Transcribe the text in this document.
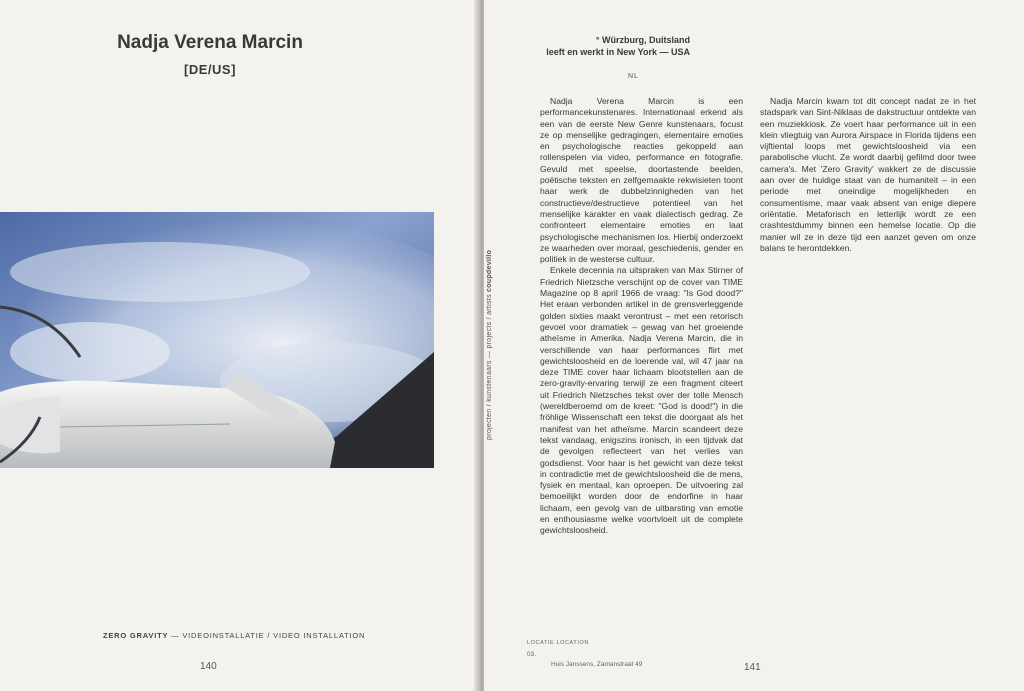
Nadja Verena Marcin
[DE/US]
ZERO GRAVITY — VIDEOINSTALLATIE / VIDEO INSTALLATION
140
projecten / kunstenaars — projects / artists coupdevillo
° Würzburg, Duitsland
leeft en werkt in New York — USA
NL

Nadja Verena Marcin is een performancekunstenares. Internationaal erkend als een van de eerste New Genre kunstenaars, focust ze op menselijke gedragingen, elementaire emoties en psychologische reacties gekoppeld aan rollenspelen via video, performance en fotografie. Gevuld met speelse, doortastende beelden, poëtische teksten en zelfgemaakte rekwisieten toont haar werk de dubbelzinnigheden van het constructieve/destructieve potentieel van het menselijke karakter en vaak dialectisch gedrag. Ze confronteert elementaire emoties en laat psychologische mechanismen los. Hierbij onderzoekt ze waarheden over moraal, geschiedenis, gender en politiek in de westerse cultuur.

Enkele decennia na uitspraken van Max Stirner of Friedrich Nietzsche verschijnt op de cover van TIME Magazine op 8 april 1966 de vraag: "Is God dood?" Het eraan verbonden artikel in de grensverleggende golden sixties maakt verontrust – met een retorisch gevoel voor dramatiek – gewag van het groeiende atheïsme in Amerika. Nadja Verena Marcin, die in verschillende van haar performances flirt met gewichtsloosheid en de loerende val, wil 47 jaar na deze TIME cover haar lichaam blootstellen aan de zero-gravity-ervaring terwijl ze een fragment citeert uit Friedrich Nietzsches tekst over der tolle Mensch (wereldberoemd om de kreet: "God is dood!") in die fröhlige Wissenschaft een tekst die doorgaat als het manifest van het atheïsme. Marcin scandeert deze tekst vandaag, enigszins ironisch, in een tijdvak dat de gevolgen reflecteert van het verlies van godsdienst. Voor haar is het gewicht van deze tekst in contradictie met de gewichtsloosheid die de mens, fysiek en mentaal, kan oproepen. De uitvoering zal bemoeilijkt worden door de endorfine in haar lichaam, een gevolg van de uitbarsting van emotie en enthousiasme welke voortvloeit uit de complete gewichtsloosheid.

Nadja Marcin kwam tot dit concept nadat ze in het stadspark van Sint-Niklaas de dakstructuur ontdekte van een muziekkiosk. Ze voert haar performance uit in een klein vliegtuig van Aurora Airspace in Florida tijdens een vijftiental loops met gewichtsloosheid via een parabolische vlucht. Ze wordt daarbij gefilmd door twee camera's. Met 'Zero Gravity' wakkert ze de discussie aan over de huidige staat van de humaniteit – in een periode met oneindige mogelijkheden en consumentisme, maar vaak absent van enige diepere oriëntatie. Metaforisch en letterlijk wordt ze een crashtestdummy binnen een hemelse locatie. Op die manier wil ze in deze tijd een aanzet geven om onze balans te herontdekken.

LOCATIE LOCATION
03.
Huis Janssens, Zamanstraat 49	141
